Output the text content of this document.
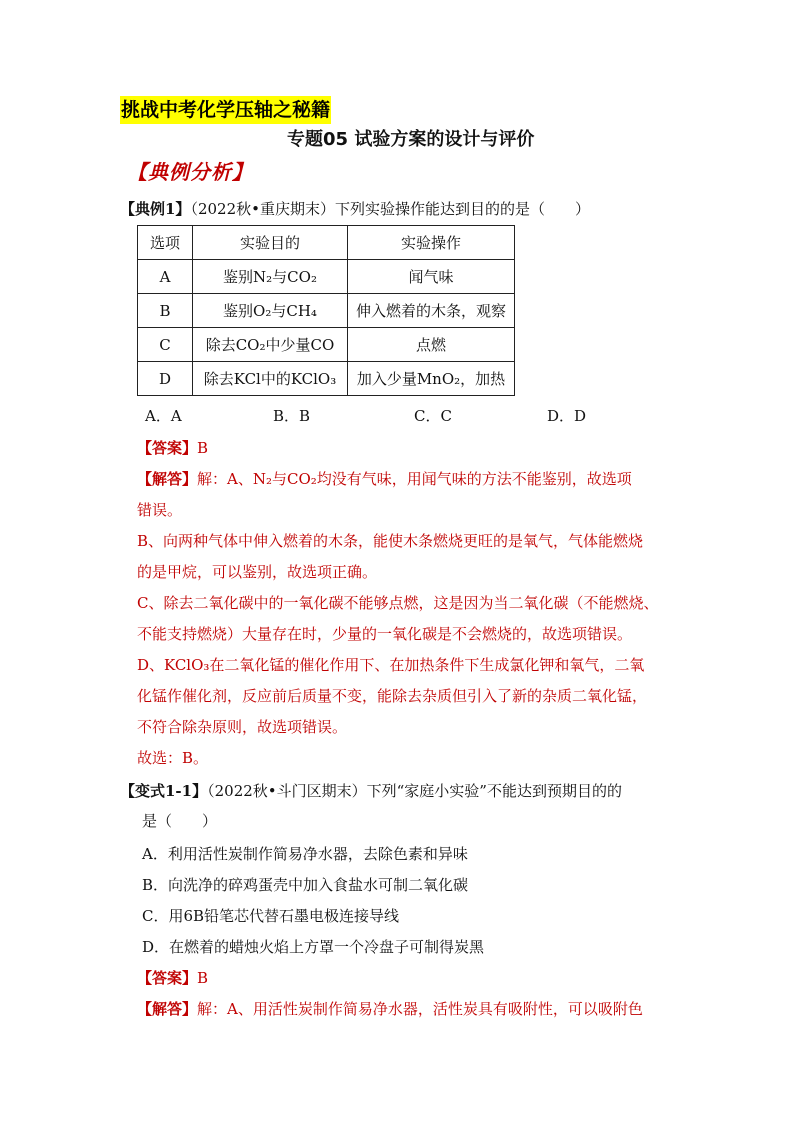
挑战中考化学压轴之秘籍
专题05 试验方案的设计与评价
【典例分析】
【典例1】（2022秋•重庆期末）下列实验操作能达到目的的是（　　）
选项	实验目的	实验操作
A	鉴别N₂与CO₂	闻气味
B	鉴别O₂与CH₄	伸入燃着的木条，观察
C	除去CO₂中少量CO	点燃
D	除去KCl中的KClO₃	加入少量MnO₂，加热
A．A	B．B	C．C	D．D
【答案】B
【解答】解：A、N₂与CO₂均没有气味，用闻气味的方法不能鉴别，故选项
错误。
B、向两种气体中伸入燃着的木条，能使木条燃烧更旺的是氧气，气体能燃烧
的是甲烷，可以鉴别，故选项正确。
C、除去二氧化碳中的一氧化碳不能够点燃，这是因为当二氧化碳（不能燃烧、
不能支持燃烧）大量存在时，少量的一氧化碳是不会燃烧的，故选项错误。
D、KClO₃在二氧化锰的催化作用下、在加热条件下生成氯化钾和氧气，二氧
化锰作催化剂，反应前后质量不变，能除去杂质但引入了新的杂质二氧化锰，
不符合除杂原则，故选项错误。
故选：B。
【变式1-1】（2022秋•斗门区期末）下列“家庭小实验”不能达到预期目的的
是（　　）
A．利用活性炭制作简易净水器，去除色素和异味
B．向洗净的碎鸡蛋壳中加入食盐水可制二氧化碳
C．用6B铅笔芯代替石墨电极连接导线
D．在燃着的蜡烛火焰上方罩一个冷盘子可制得炭黑
【答案】B
【解答】解：A、用活性炭制作简易净水器，活性炭具有吸附性，可以吸附色
